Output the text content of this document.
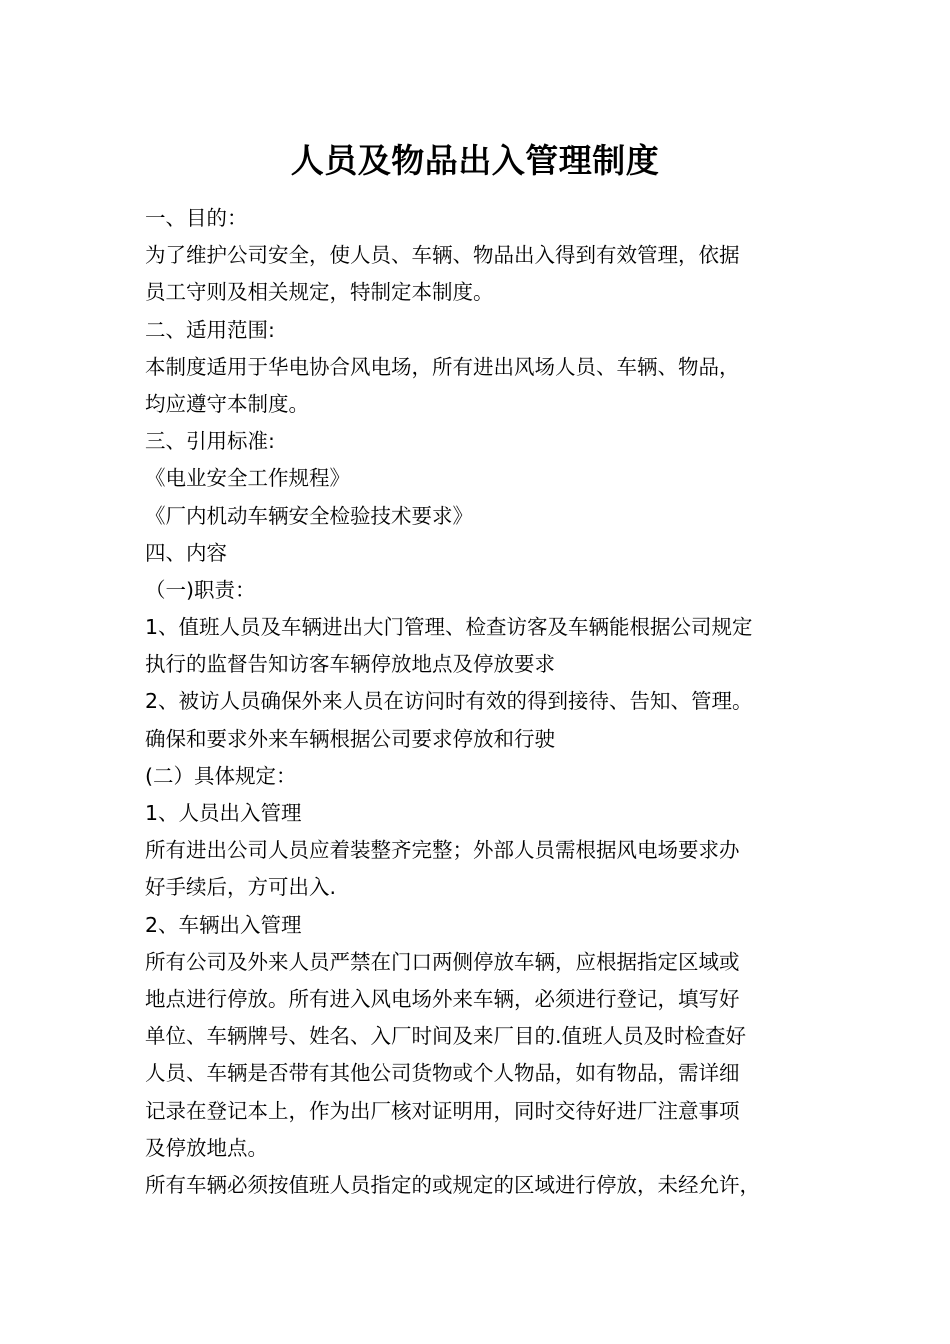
人员及物品出入管理制度

一、目的：

为了维护公司安全，使人员、车辆、物品出入得到有效管理，依据

员工守则及相关规定，特制定本制度。

二、适用范围:

本制度适用于华电协合风电场，所有进出风场人员、车辆、物品，

均应遵守本制度。

三、引用标准:

《电业安全工作规程》

《厂内机动车辆安全检验技术要求》

四、内容

（一)职责：

1、值班人员及车辆进出大门管理、检查访客及车辆能根据公司规定

执行的监督告知访客车辆停放地点及停放要求

2、被访人员确保外来人员在访问时有效的得到接待、告知、管理。

确保和要求外来车辆根据公司要求停放和行驶

(二）具体规定：

1、人员出入管理

所有进出公司人员应着装整齐完整；外部人员需根据风电场要求办

好手续后，方可出入.

2、车辆出入管理

所有公司及外来人员严禁在门口两侧停放车辆，应根据指定区域或

地点进行停放。所有进入风电场外来车辆，必须进行登记，填写好

单位、车辆牌号、姓名、入厂时间及来厂目的.值班人员及时检查好

人员、车辆是否带有其他公司货物或个人物品，如有物品，需详细

记录在登记本上，作为出厂核对证明用，同时交待好进厂注意事项

及停放地点。

所有车辆必须按值班人员指定的或规定的区域进行停放，未经允许，
